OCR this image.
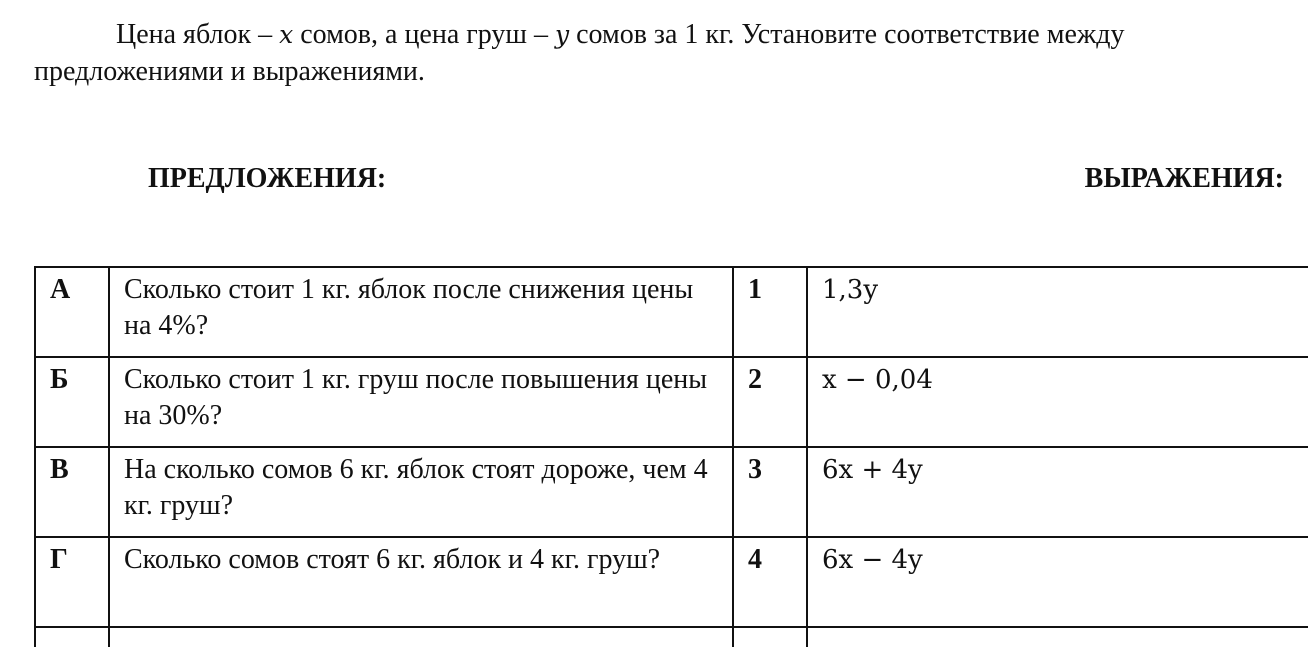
Цена яблок – x сомов, а цена груш – y сомов за 1 кг. Установите соответствие между предложениями и выражениями.
ПРЕДЛОЖЕНИЯ:	ВЫРАЖЕНИЯ:
А	Сколько стоит 1 кг. яблок после снижения цены на 4%?	1	1,3y
Б	Сколько стоит 1 кг. груш после повышения цены на 30%?	2	x − 0,04
В	На сколько сомов 6 кг. яблок стоят дороже, чем 4 кг. груш?	3	6x + 4y
Г	Сколько сомов стоят 6 кг. яблок и 4 кг. груш?	4	6x − 4y
